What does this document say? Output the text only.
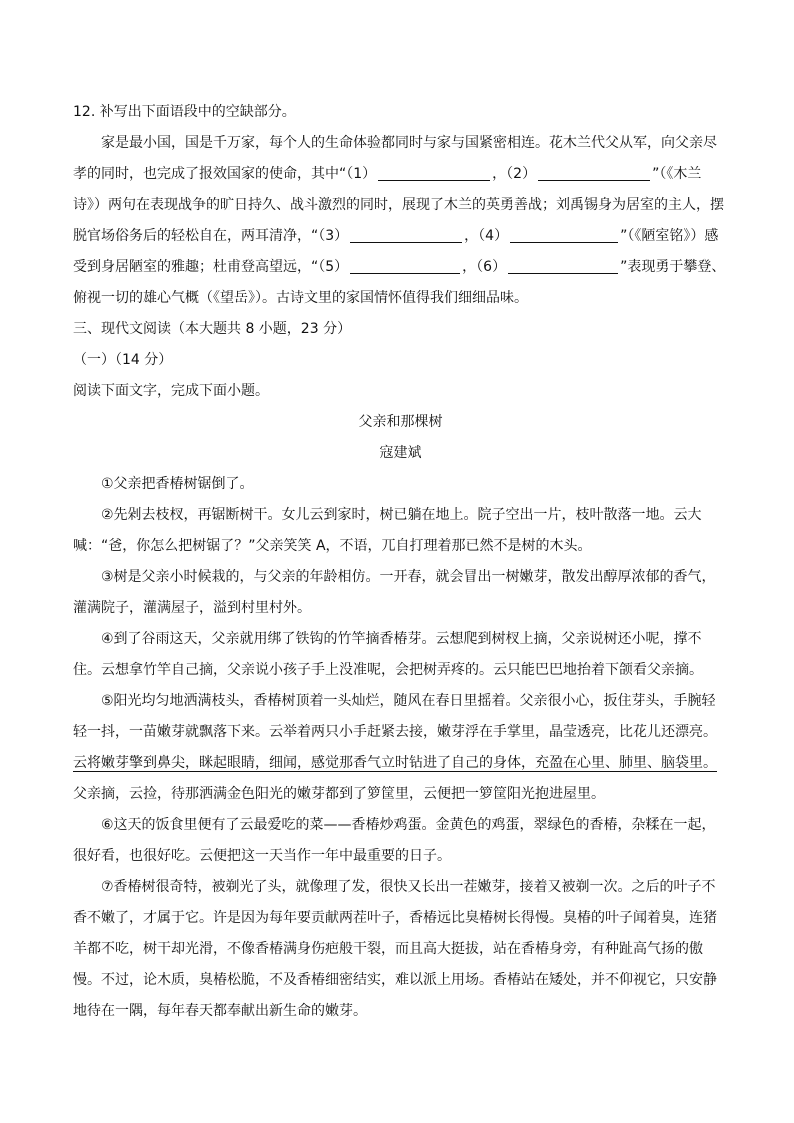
12. 补写出下面语段中的空缺部分。

家是最小国，国是千万家，每个人的生命体验都同时与家与国紧密相连。花木兰代父从军，向父亲尽孝的同时，也完成了报效国家的使命，其中“（1）	，（2）	”（《木兰诗》）两句在表现战争的旷日持久、战斗激烈的同时，展现了木兰的英勇善战；刘禹锡身为居室的主人，摆脱官场俗务后的轻松自在，两耳清净，“（3）	，（4）	”（《陋室铭》）感受到身居陋室的雅趣；杜甫登高望远，“（5）	，（6）	”表现勇于攀登、俯视一切的雄心气概（《望岳》）。古诗文里的家国情怀值得我们细细品味。

三、现代文阅读（本大题共 8 小题，23 分）

（一）（14 分）

阅读下面文字，完成下面小题。

父亲和那棵树

寇建斌

①父亲把香椿树锯倒了。

②先剁去枝杈，再锯断树干。女儿云到家时，树已躺在地上。院子空出一片，枝叶散落一地。云大喊：“爸，你怎么把树锯了？”父亲笑笑 A，不语，兀自打理着那已然不是树的木头。

③树是父亲小时候栽的，与父亲的年龄相仿。一开春，就会冒出一树嫩芽，散发出醇厚浓郁的香气，灌满院子，灌满屋子，溢到村里村外。

④到了谷雨这天，父亲就用绑了铁钩的竹竿摘香椿芽。云想爬到树杈上摘，父亲说树还小呢，撑不住。云想拿竹竿自己摘，父亲说小孩子手上没准呢，会把树弄疼的。云只能巴巴地抬着下颌看父亲摘。

⑤阳光均匀地洒满枝头，香椿树顶着一头灿烂，随风在春日里摇着。父亲很小心，扳住芽头，手腕轻轻一抖，一苗嫩芽就飘落下来。云举着两只小手赶紧去接，嫩芽浮在手掌里，晶莹透亮，比花儿还漂亮。云将嫩芽擎到鼻尖，眯起眼睛，细闻，感觉那香气立时钻进了自己的身体，充盈在心里、肺里、脑袋里。父亲摘，云捡，待那洒满金色阳光的嫩芽都到了箩筐里，云便把一箩筐阳光抱进屋里。

⑥这天的饭食里便有了云最爱吃的菜——香椿炒鸡蛋。金黄色的鸡蛋，翠绿色的香椿，杂糅在一起，很好看，也很好吃。云便把这一天当作一年中最重要的日子。

⑦香椿树很奇特，被剃光了头，就像理了发，很快又长出一茬嫩芽，接着又被剃一次。之后的叶子不香不嫩了，才属于它。许是因为每年要贡献两茬叶子，香椿远比臭椿树长得慢。臭椿的叶子闻着臭，连猪羊都不吃，树干却光滑，不像香椿满身伤疤般干裂，而且高大挺拔，站在香椿身旁，有种趾高气扬的傲慢。不过，论木质，臭椿松脆，不及香椿细密结实，难以派上用场。香椿站在矮处，并不仰视它，只安静地待在一隅，每年春天都奉献出新生命的嫩芽。
